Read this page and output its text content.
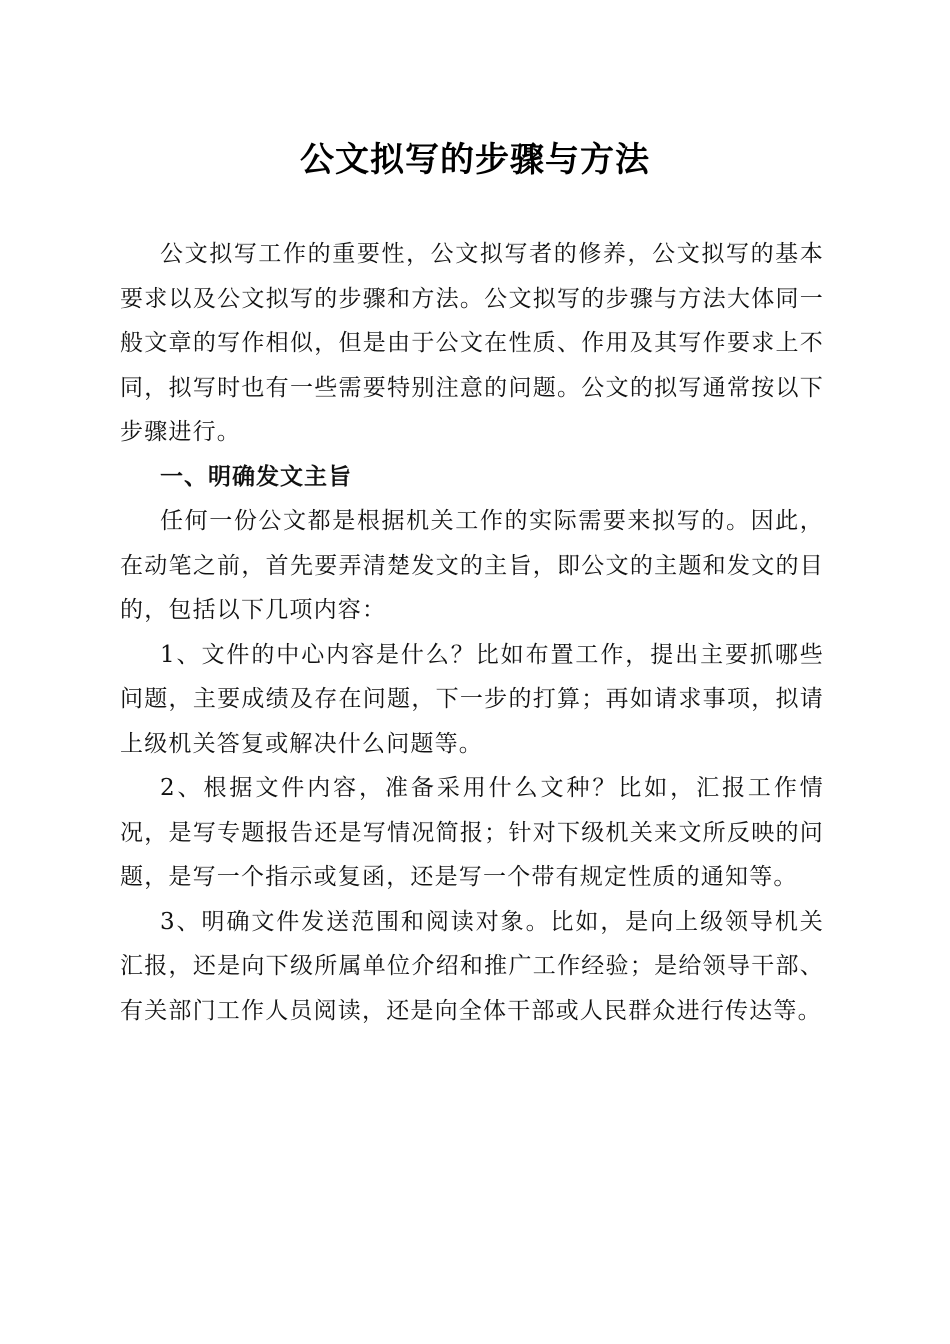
公文拟写的步骤与方法

公文拟写工作的重要性，公文拟写者的修养，公文拟写的基本要求以及公文拟写的步骤和方法。公文拟写的步骤与方法大体同一般文章的写作相似，但是由于公文在性质、作用及其写作要求上不同，拟写时也有一些需要特别注意的问题。公文的拟写通常按以下步骤进行。

一、明确发文主旨

任何一份公文都是根据机关工作的实际需要来拟写的。因此，在动笔之前，首先要弄清楚发文的主旨，即公文的主题和发文的目的，包括以下几项内容：

1、文件的中心内容是什么？比如布置工作，提出主要抓哪些问题，主要成绩及存在问题，下一步的打算；再如请求事项，拟请上级机关答复或解决什么问题等。

2、根据文件内容，准备采用什么文种？比如，汇报工作情况，是写专题报告还是写情况简报；针对下级机关来文所反映的问题，是写一个指示或复函，还是写一个带有规定性质的通知等。

3、明确文件发送范围和阅读对象。比如，是向上级领导机关汇报，还是向下级所属单位介绍和推广工作经验；是给领导干部、有关部门工作人员阅读，还是向全体干部或人民群众进行传达等。
